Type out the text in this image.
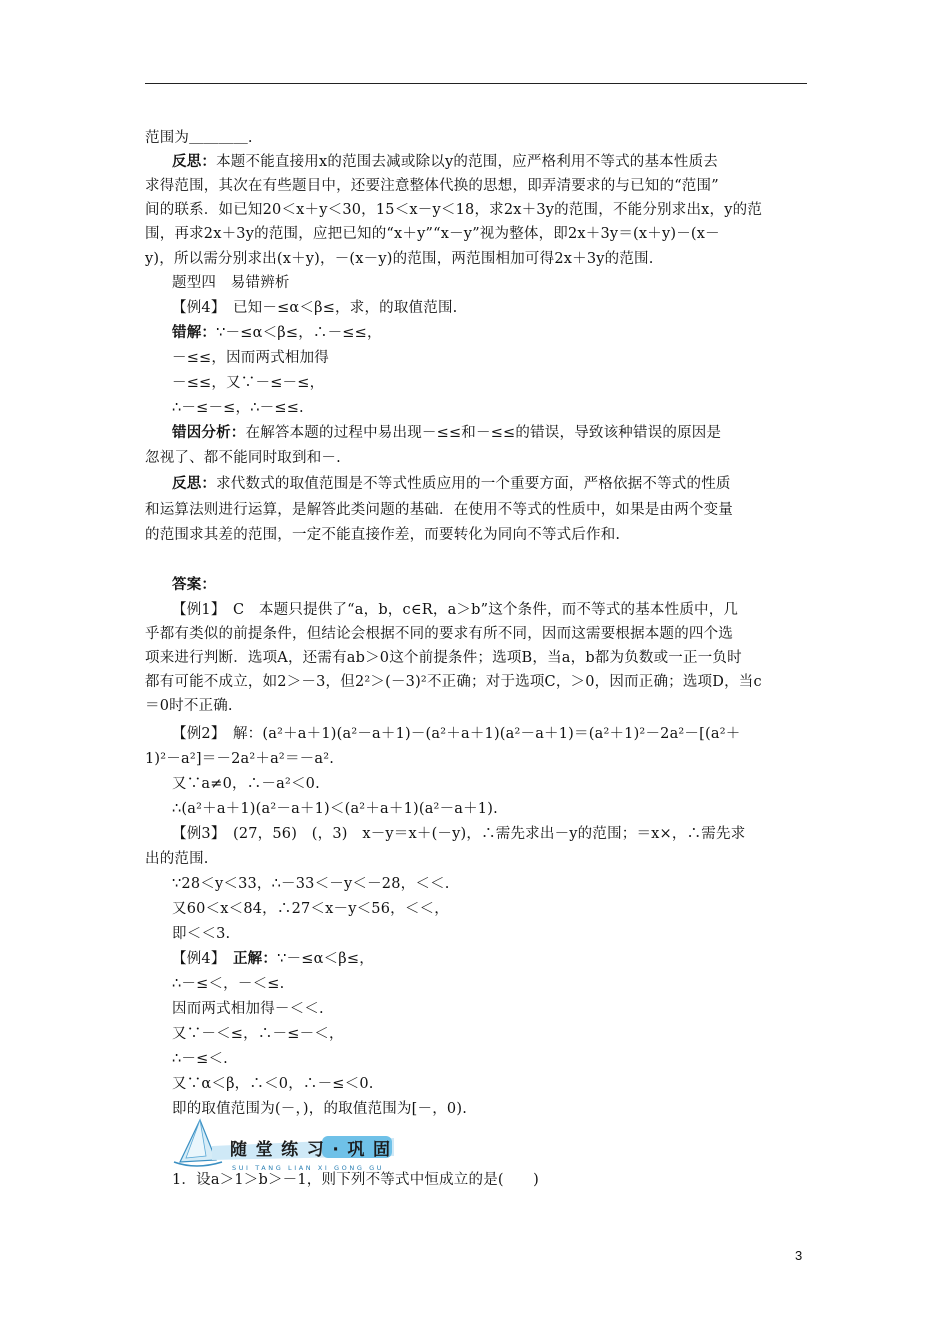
范围为＿＿＿＿.
反思：本题不能直接用x的范围去减或除以y的范围，应严格利用不等式的基本性质去
求得范围，其次在有些题目中，还要注意整体代换的思想，即弄清要求的与已知的“范围”
间的联系．如已知20＜x＋y＜30，15＜x－y＜18，求2x＋3y的范围，不能分别求出x，y的范
围，再求2x＋3y的范围，应把已知的“x＋y”“x－y”视为整体，即2x＋3y＝(x＋y)－(x－
y)，所以需分别求出(x＋y)，－(x－y)的范围，两范围相加可得2x＋3y的范围.
题型四　易错辨析
【例4】　已知－≤α＜β≤，求，的取值范围.
错解：∵－≤α＜β≤，∴－≤≤，
－≤≤，因而两式相加得
－≤≤，又∵－≤－≤，
∴－≤－≤，∴－≤≤.
错因分析：在解答本题的过程中易出现－≤≤和－≤≤的错误，导致该种错误的原因是
忽视了、都不能同时取到和－.
反思：求代数式的取值范围是不等式性质应用的一个重要方面，严格依据不等式的性质
和运算法则进行运算，是解答此类问题的基础．在使用不等式的性质中，如果是由两个变量
的范围求其差的范围，一定不能直接作差，而要转化为同向不等式后作和.
答案：
【例1】　C　本题只提供了“a，b，c∈R，a＞b”这个条件，而不等式的基本性质中，几
乎都有类似的前提条件，但结论会根据不同的要求有所不同，因而这需要根据本题的四个选
项来进行判断．选项A，还需有ab＞0这个前提条件；选项B，当a，b都为负数或一正一负时
都有可能不成立，如2＞－3，但2²＞(－3)²不正确；对于选项C，＞0，因而正确；选项D，当c
＝0时不正确.
【例2】　解：(a²＋a＋1)(a²－a＋1)－(a²＋a＋1)(a²－a＋1)＝(a²＋1)²－2a²－[(a²＋
1)²－a²]＝－2a²＋a²＝－a².
又∵a≠0，∴－a²＜0.
∴(a²＋a＋1)(a²－a＋1)＜(a²＋a＋1)(a²－a＋1).
【例3】　(27，56)　(，3)　x－y＝x＋(－y)，∴需先求出－y的范围；＝x×，∴需先求
出的范围.
∵28＜y＜33，∴－33＜－y＜－28，＜＜.
又60＜x＜84，∴27＜x－y＜56，＜＜，
即＜＜3.
【例4】　正解：∵－≤α＜β≤，
∴－≤＜，－＜≤.
因而两式相加得－＜＜.
又∵－＜≤，∴－≤－＜，
∴－≤＜.
又∵α＜β，∴＜0，∴－≤＜0.
即的取值范围为(－，)，的取值范围为[－，0).
随堂练习·巩固
SUI TANG LIAN XI GONG GU
1．设a＞1＞b＞－1，则下列不等式中恒成立的是(　　)
3
